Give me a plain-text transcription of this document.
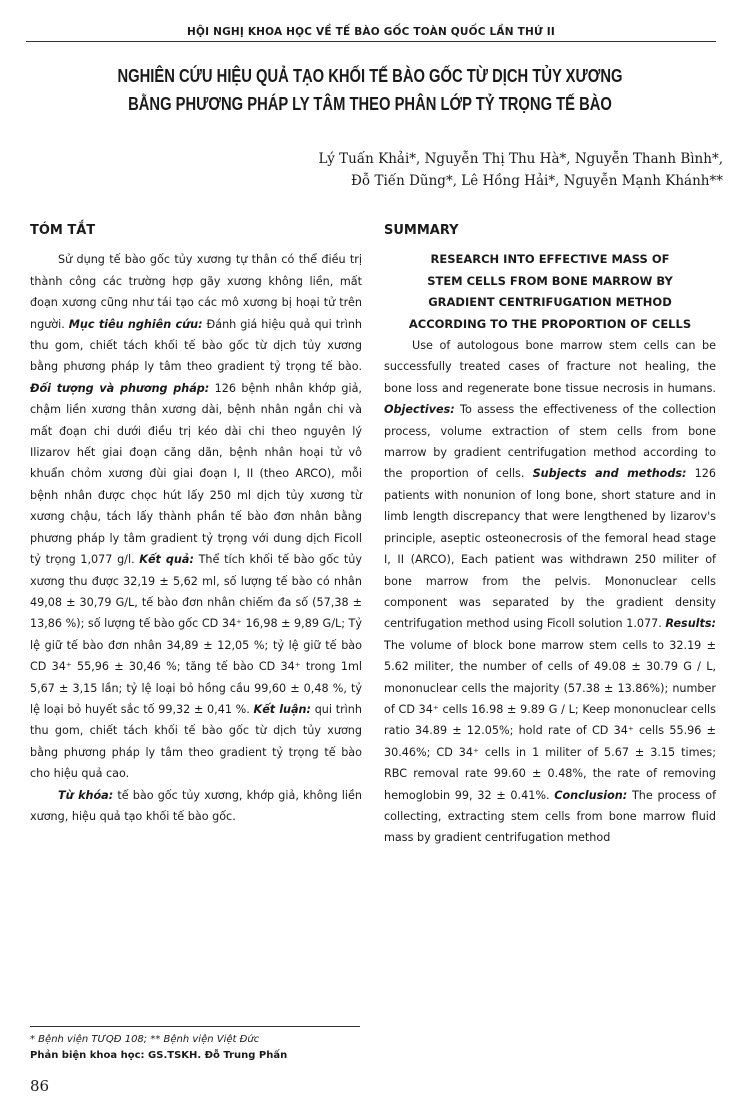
HỘI NGHỊ KHOA HỌC VỀ TẾ BÀO GỐC TOÀN QUỐC LẦN THỨ II
NGHIÊN CỨU HIỆU QUẢ TẠO KHỐI TẾ BÀO GỐC TỪ DỊCH TỦY XƯƠNG
BẰNG PHƯƠNG PHÁP LY TÂM THEO PHÂN LỚP TỶ TRỌNG TẾ BÀO
Lý Tuấn Khải*, Nguyễn Thị Thu Hà*, Nguyễn Thanh Bình*,
Đỗ Tiến Dũng*, Lê Hồng Hải*, Nguyễn Mạnh Khánh**
TÓM TẮT

Sử dụng tế bào gốc tủy xương tự thân có thể điều trị thành công các trường hợp gãy xương không liền, mất đoạn xương cũng như tái tạo các mô xương bị hoại tử trên người. Mục tiêu nghiên cứu: Đánh giá hiệu quả qui trình thu gom, chiết tách khối tế bào gốc từ dịch tủy xương bằng phương pháp ly tâm theo gradient tỷ trọng tế bào. Đối tượng và phương pháp: 126 bệnh nhân khớp giả, chậm liền xương thân xương dài, bệnh nhân ngắn chi và mất đoạn chi dưới điều trị kéo dài chi theo nguyên lý Ilizarov hết giai đoạn căng dãn, bệnh nhân hoại tử vô khuẩn chỏm xương đùi giai đoạn I, II (theo ARCO), mỗi bệnh nhân được chọc hút lấy 250 ml dịch tủy xương từ xương chậu, tách lấy thành phần tế bào đơn nhân bằng phương pháp ly tâm gradient tỷ trọng với dung dịch Ficoll tỷ trọng 1,077 g/l. Kết quả: Thể tích khối tế bào gốc tủy xương thu được 32,19 ± 5,62 ml, số lượng tế bào có nhân 49,08 ± 30,79 G/L, tế bào đơn nhân chiếm đa số (57,38 ± 13,86 %); số lượng tế bào gốc CD 34⁺ 16,98 ± 9,89 G/L; Tỷ lệ giữ tế bào đơn nhân 34,89 ± 12,05 %; tỷ lệ giữ tế bào CD 34⁺ 55,96 ± 30,46 %; tăng tế bào CD 34⁺ trong 1ml 5,67 ± 3,15 lần; tỷ lệ loại bỏ hồng cầu 99,60 ± 0,48 %, tỷ lệ loại bỏ huyết sắc tố 99,32 ± 0,41 %. Kết luận: qui trình thu gom, chiết tách khối tế bào gốc từ dịch tủy xương bằng phương pháp ly tâm theo gradient tỷ trọng tế bào cho hiệu quả cao.

Từ khóa: tế bào gốc tủy xương, khớp giả, không liền xương, hiệu quả tạo khối tế bào gốc.

SUMMARY

RESEARCH INTO EFFECTIVE MASS OF

STEM CELLS FROM BONE MARROW BY

GRADIENT CENTRIFUGATION METHOD

ACCORDING TO THE PROPORTION OF CELLS

Use of autologous bone marrow stem cells can be successfully treated cases of fracture not healing, the bone loss and regenerate bone tissue necrosis in humans. Objectives: To assess the effectiveness of the collection process, volume extraction of stem cells from bone marrow by gradient centrifugation method according to the proportion of cells. Subjects and methods: 126 patients with nonunion of long bone, short stature and in limb length discrepancy that were lengthened by lizarov's principle, aseptic osteonecrosis of the femoral head stage I, II (ARCO), Each patient was withdrawn 250 militer of bone marrow from the pelvis. Mononuclear cells component was separated by the gradient density centrifugation method using Ficoll solution 1.077. Results: The volume of block bone marrow stem cells to 32.19 ± 5.62 militer, the number of cells of 49.08 ± 30.79 G / L, mononuclear cells the majority (57.38 ± 13.86%); number of CD 34⁺ cells 16.98 ± 9.89 G / L; Keep mononuclear cells ratio 34.89 ± 12.05%; hold rate of CD 34⁺ cells 55.96 ± 30.46%; CD 34⁺ cells in 1 militer of 5.67 ± 3.15 times; RBC removal rate 99.60 ± 0.48%, the rate of removing hemoglobin 99, 32 ± 0.41%. Conclusion: The process of collecting, extracting stem cells from bone marrow fluid mass by gradient centrifugation method

* Bệnh viện TƯQĐ 108; ** Bệnh viện Việt Đức
Phản biện khoa học: GS.TSKH. Đỗ Trung Phấn
86
